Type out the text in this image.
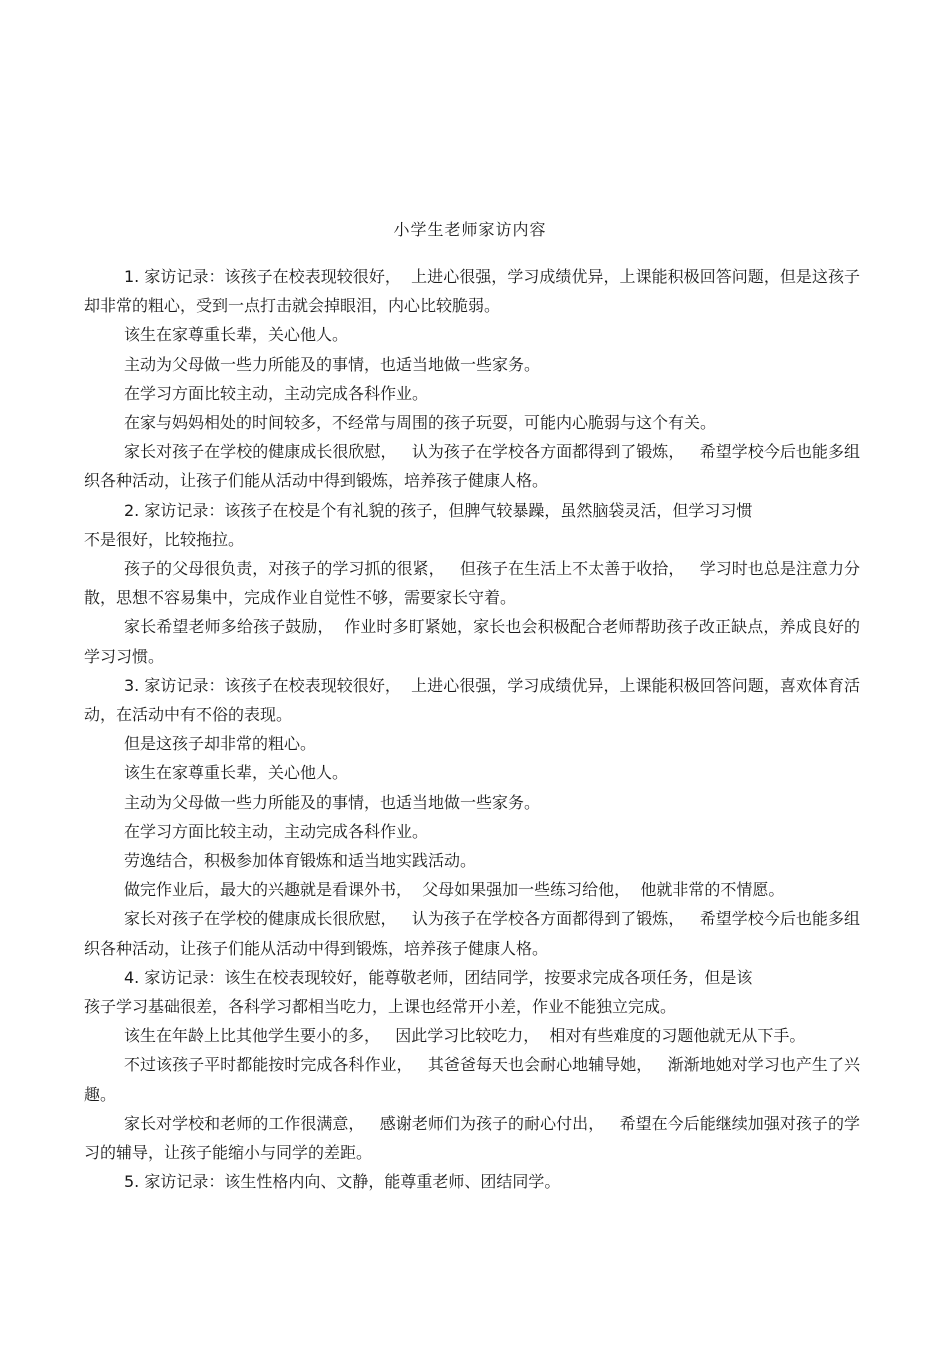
小学生老师家访内容

1. 家访记录：该孩子在校表现较很好，  上进心很强，学习成绩优异，上课能积极回答问题，但是这孩子却非常的粗心，受到一点打击就会掉眼泪，内心比较脆弱。

该生在家尊重长辈，关心他人。

主动为父母做一些力所能及的事情，也适当地做一些家务。

在学习方面比较主动，主动完成各科作业。

在家与妈妈相处的时间较多，不经常与周围的孩子玩耍，可能内心脆弱与这个有关。

家长对孩子在学校的健康成长很欣慰，   认为孩子在学校各方面都得到了锻炼，   希望学校今后也能多组织各种活动，让孩子们能从活动中得到锻炼，培养孩子健康人格。

2. 家访记录：该孩子在校是个有礼貌的孩子，但脾气较暴躁，虽然脑袋灵活，但学习习惯
不是很好，比较拖拉。

孩子的父母很负责，对孩子的学习抓的很紧，   但孩子在生活上不太善于收拾，   学习时也总是注意力分散，思想不容易集中，完成作业自觉性不够，需要家长守着。

家长希望老师多给孩子鼓励，  作业时多盯紧她，家长也会积极配合老师帮助孩子改正缺点，养成良好的学习习惯。

3. 家访记录：该孩子在校表现较很好，  上进心很强，学习成绩优异，上课能积极回答问题，喜欢体育活动，在活动中有不俗的表现。

但是这孩子却非常的粗心。

该生在家尊重长辈，关心他人。

主动为父母做一些力所能及的事情，也适当地做一些家务。

在学习方面比较主动，主动完成各科作业。

劳逸结合，积极参加体育锻炼和适当地实践活动。

做完作业后，最大的兴趣就是看课外书，  父母如果强加一些练习给他，  他就非常的不情愿。

家长对孩子在学校的健康成长很欣慰，   认为孩子在学校各方面都得到了锻炼，   希望学校今后也能多组织各种活动，让孩子们能从活动中得到锻炼，培养孩子健康人格。

4. 家访记录：该生在校表现较好，能尊敬老师，团结同学，按要求完成各项任务，但是该
孩子学习基础很差，各科学习都相当吃力，上课也经常开小差，作业不能独立完成。

该生在年龄上比其他学生要小的多，   因此学习比较吃力，  相对有些难度的习题他就无从下手。

不过该孩子平时都能按时完成各科作业，   其爸爸每天也会耐心地辅导她，   渐渐地她对学习也产生了兴趣。

家长对学校和老师的工作很满意，   感谢老师们为孩子的耐心付出，   希望在今后能继续加强对孩子的学习的辅导，让孩子能缩小与同学的差距。

5. 家访记录：该生性格内向、文静，能尊重老师、团结同学。
